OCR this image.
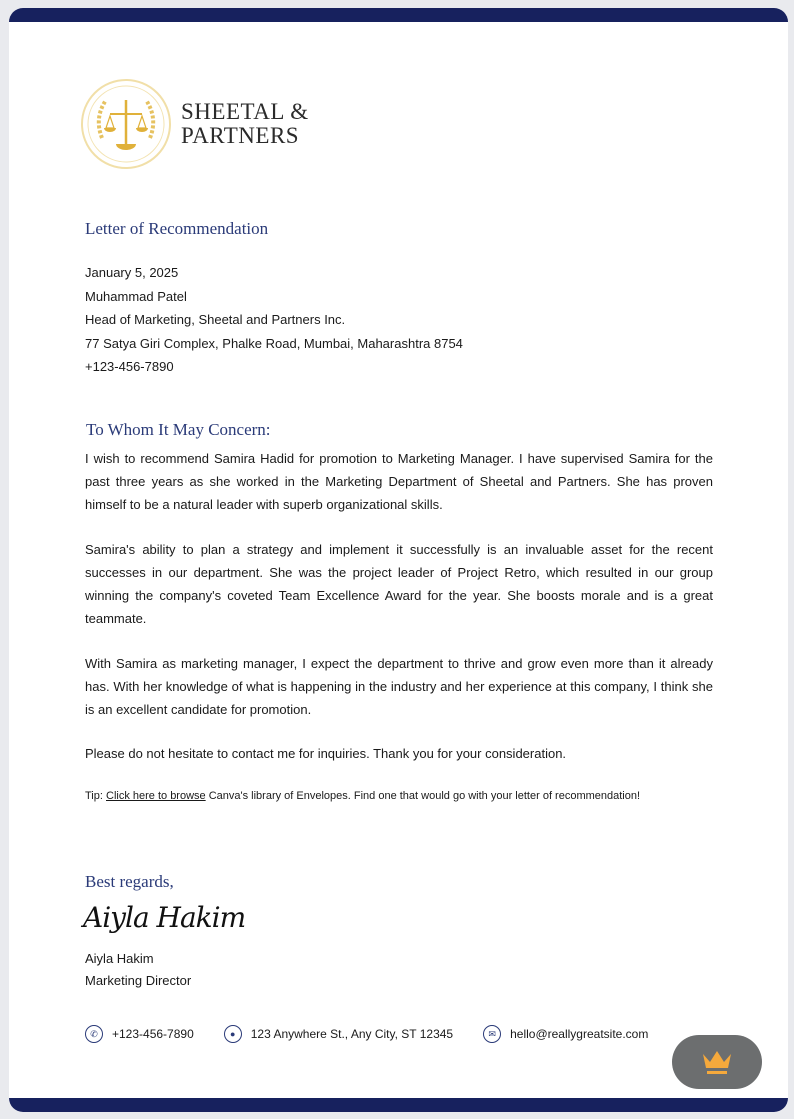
SHEETAL &
PARTNERS
Letter of Recommendation
January 5, 2025
Muhammad Patel
Head of Marketing, Sheetal and Partners Inc.
77 Satya Giri Complex, Phalke Road, Mumbai, Maharashtra 8754
+123-456-7890
To Whom It May Concern:
I wish to recommend Samira Hadid for promotion to Marketing Manager. I have supervised Samira for the past three years as she worked in the Marketing Department of Sheetal and Partners. She has proven himself to be a natural leader with superb organizational skills.
Samira's ability to plan a strategy and implement it successfully is an invaluable asset for the recent successes in our department. She was the project leader of Project Retro, which resulted in our group winning the company's coveted Team Excellence Award for the year. She boosts morale and is a great teammate.
With Samira as marketing manager, I expect the department to thrive and grow even more than it already has. With her knowledge of what is happening in the industry and her experience at this company, I think she is an excellent candidate for promotion.
Please do not hesitate to contact me for inquiries. Thank you for your consideration.
Tip: Click here to browse Canva's library of Envelopes. Find one that would go with your letter of recommendation!
Best regards,
Aiyla Hakim
Aiyla Hakim
Marketing Director
✆	+123-456-7890	●	123 Anywhere St., Any City, ST 12345	✉	hello@reallygreatsite.com
